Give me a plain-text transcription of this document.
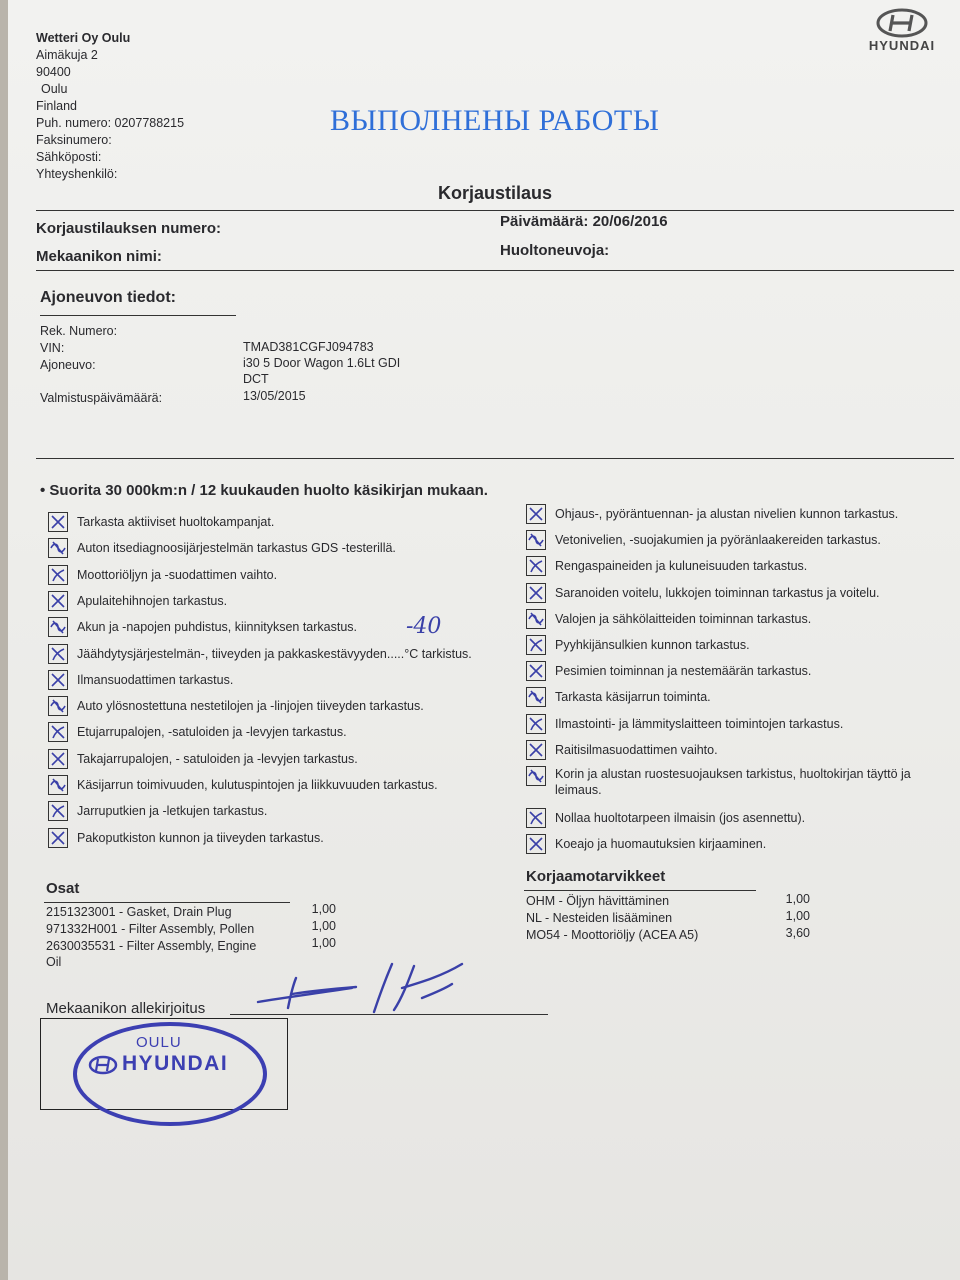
Wetteri Oy Oulu
Aimäkuja 2
90400
Oulu
Finland
Puh. numero: 0207788215
Faksinumero:
Sähköposti:
Yhteyshenkilö:
HYUNDAI
ВЫПОЛНЕНЫ РАБОТЫ
Korjaustilaus
Korjaustilauksen numero:	Päivämäärä: 20/06/2016
Mekaanikon nimi:	Huoltoneuvoja:
Ajoneuvon tiedot:
Rek. Numero:
VIN:	TMAD381CGFJ094783
Ajoneuvo:	i30 5 Door Wagon 1.6Lt GDI
DCT
Valmistuspäivämäärä:	13/05/2015
• Suorita 30 000km:n / 12 kuukauden huolto käsikirjan mukaan.
Tarkasta aktiiviset huoltokampanjat.
Auton itsediagnoosijärjestelmän tarkastus GDS -testerillä.
Moottoriöljyn ja -suodattimen vaihto.
Apulaitehihnojen tarkastus.
Akun ja -napojen puhdistus, kiinnityksen tarkastus.
Jäähdytysjärjestelmän-, tiiveyden ja pakkaskestävyyden.....°C tarkistus.
Ilmansuodattimen tarkastus.
Auto ylösnostettuna nestetilojen ja -linjojen tiiveyden tarkastus.
Etujarrupalojen, -satuloiden ja -levyjen tarkastus.
Takajarrupalojen, - satuloiden ja -levyjen tarkastus.
Käsijarrun toimivuuden, kulutuspintojen ja liikkuvuuden tarkastus.
Jarruputkien ja -letkujen tarkastus.
Pakoputkiston kunnon ja tiiveyden tarkastus.
Ohjaus-, pyöräntuennan- ja alustan nivelien kunnon tarkastus.
Vetonivelien, -suojakumien ja pyöränlaakereiden tarkastus.
Rengaspaineiden ja kuluneisuuden tarkastus.
Saranoiden voitelu, lukkojen toiminnan tarkastus ja voitelu.
Valojen ja sähkölaitteiden toiminnan tarkastus.
Pyyhkijänsulkien kunnon tarkastus.
Pesimien toiminnan ja nestemäärän tarkastus.
Tarkasta käsijarrun toiminta.
Ilmastointi- ja lämmityslaitteen toimintojen tarkastus.
Raitisilmasuodattimen vaihto.
Korin ja alustan ruostesuojauksen tarkistus, huoltokirjan täyttö ja leimaus.
Nollaa huoltotarpeen ilmaisin (jos asennettu).
Koeajo ja huomautuksien kirjaaminen.
-40
Osat
2151323001 - Gasket, Drain Plug	1,00
971332H001 - Filter Assembly, Pollen	1,00
2630035531 - Filter Assembly, Engine	1,00
Oil
Korjaamotarvikkeet
OHM - Öljyn hävittäminen	1,00
NL - Nesteiden lisääminen	1,00
MO54 - Moottoriöljy (ACEA A5)	3,60
Mekaanikon allekirjoitus
OULU
HYUNDAI
